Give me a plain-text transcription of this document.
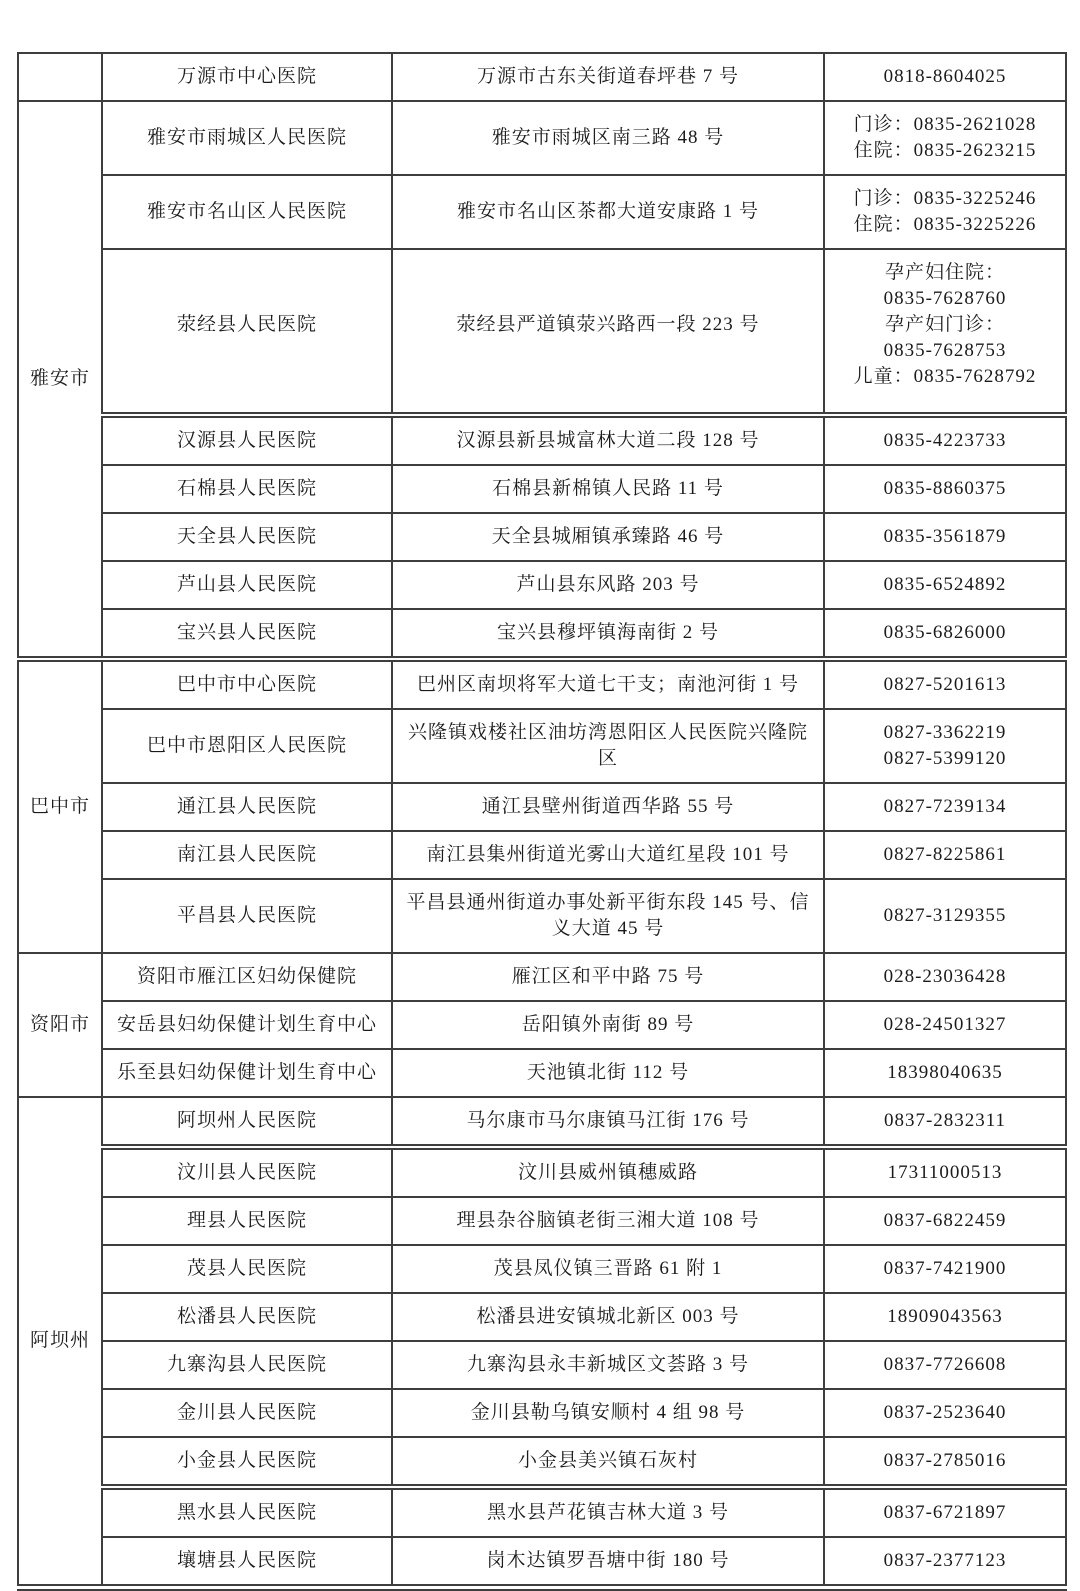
	万源市中心医院	万源市古东关街道春坪巷 7 号	0818-8604025

雅安市	雅安市雨城区人民医院	雅安市雨城区南三路 48 号	门诊：0835-2621028
住院：0835-2623215

	雅安市名山区人民医院	雅安市名山区茶都大道安康路 1 号	门诊：0835-3225246
住院：0835-3225226

	荥经县人民医院	荥经县严道镇荥兴路西一段 223 号	孕产妇住院：
0835-7628760
孕产妇门诊：
0835-7628753
儿童：0835-7628792

	汉源县人民医院	汉源县新县城富林大道二段 128 号	0835-4223733

	石棉县人民医院	石棉县新棉镇人民路 11 号	0835-8860375

	天全县人民医院	天全县城厢镇承臻路 46 号	0835-3561879

	芦山县人民医院	芦山县东风路 203 号	0835-6524892

	宝兴县人民医院	宝兴县穆坪镇海南街 2 号	0835-6826000

巴中市	巴中市中心医院	巴州区南坝将军大道七干支；南池河街 1 号	0827-5201613

	巴中市恩阳区人民医院	兴隆镇戏楼社区油坊湾恩阳区人民医院兴隆院区	0827-3362219
0827-5399120

	通江县人民医院	通江县壁州街道西华路 55 号	0827-7239134

	南江县人民医院	南江县集州街道光雾山大道红星段 101 号	0827-8225861

	平昌县人民医院	平昌县通州街道办事处新平街东段 145 号、信义大道 45 号	0827-3129355

资阳市	资阳市雁江区妇幼保健院	雁江区和平中路 75 号	028-23036428

	安岳县妇幼保健计划生育中心	岳阳镇外南街 89 号	028-24501327

	乐至县妇幼保健计划生育中心	天池镇北街 112 号	18398040635

阿坝州	阿坝州人民医院	马尔康市马尔康镇马江街 176 号	0837-2832311

	汶川县人民医院	汶川县威州镇穗威路	17311000513

	理县人民医院	理县杂谷脑镇老街三湘大道 108 号	0837-6822459

	茂县人民医院	茂县凤仪镇三晋路 61 附 1	0837-7421900

	松潘县人民医院	松潘县进安镇城北新区 003 号	18909043563

	九寨沟县人民医院	九寨沟县永丰新城区文荟路 3 号	0837-7726608

	金川县人民医院	金川县勒乌镇安顺村 4 组 98 号	0837-2523640

	小金县人民医院	小金县美兴镇石灰村	0837-2785016

	黑水县人民医院	黑水县芦花镇吉林大道 3 号	0837-6721897

	壤塘县人民医院	岗木达镇罗吾塘中街 180 号	0837-2377123
